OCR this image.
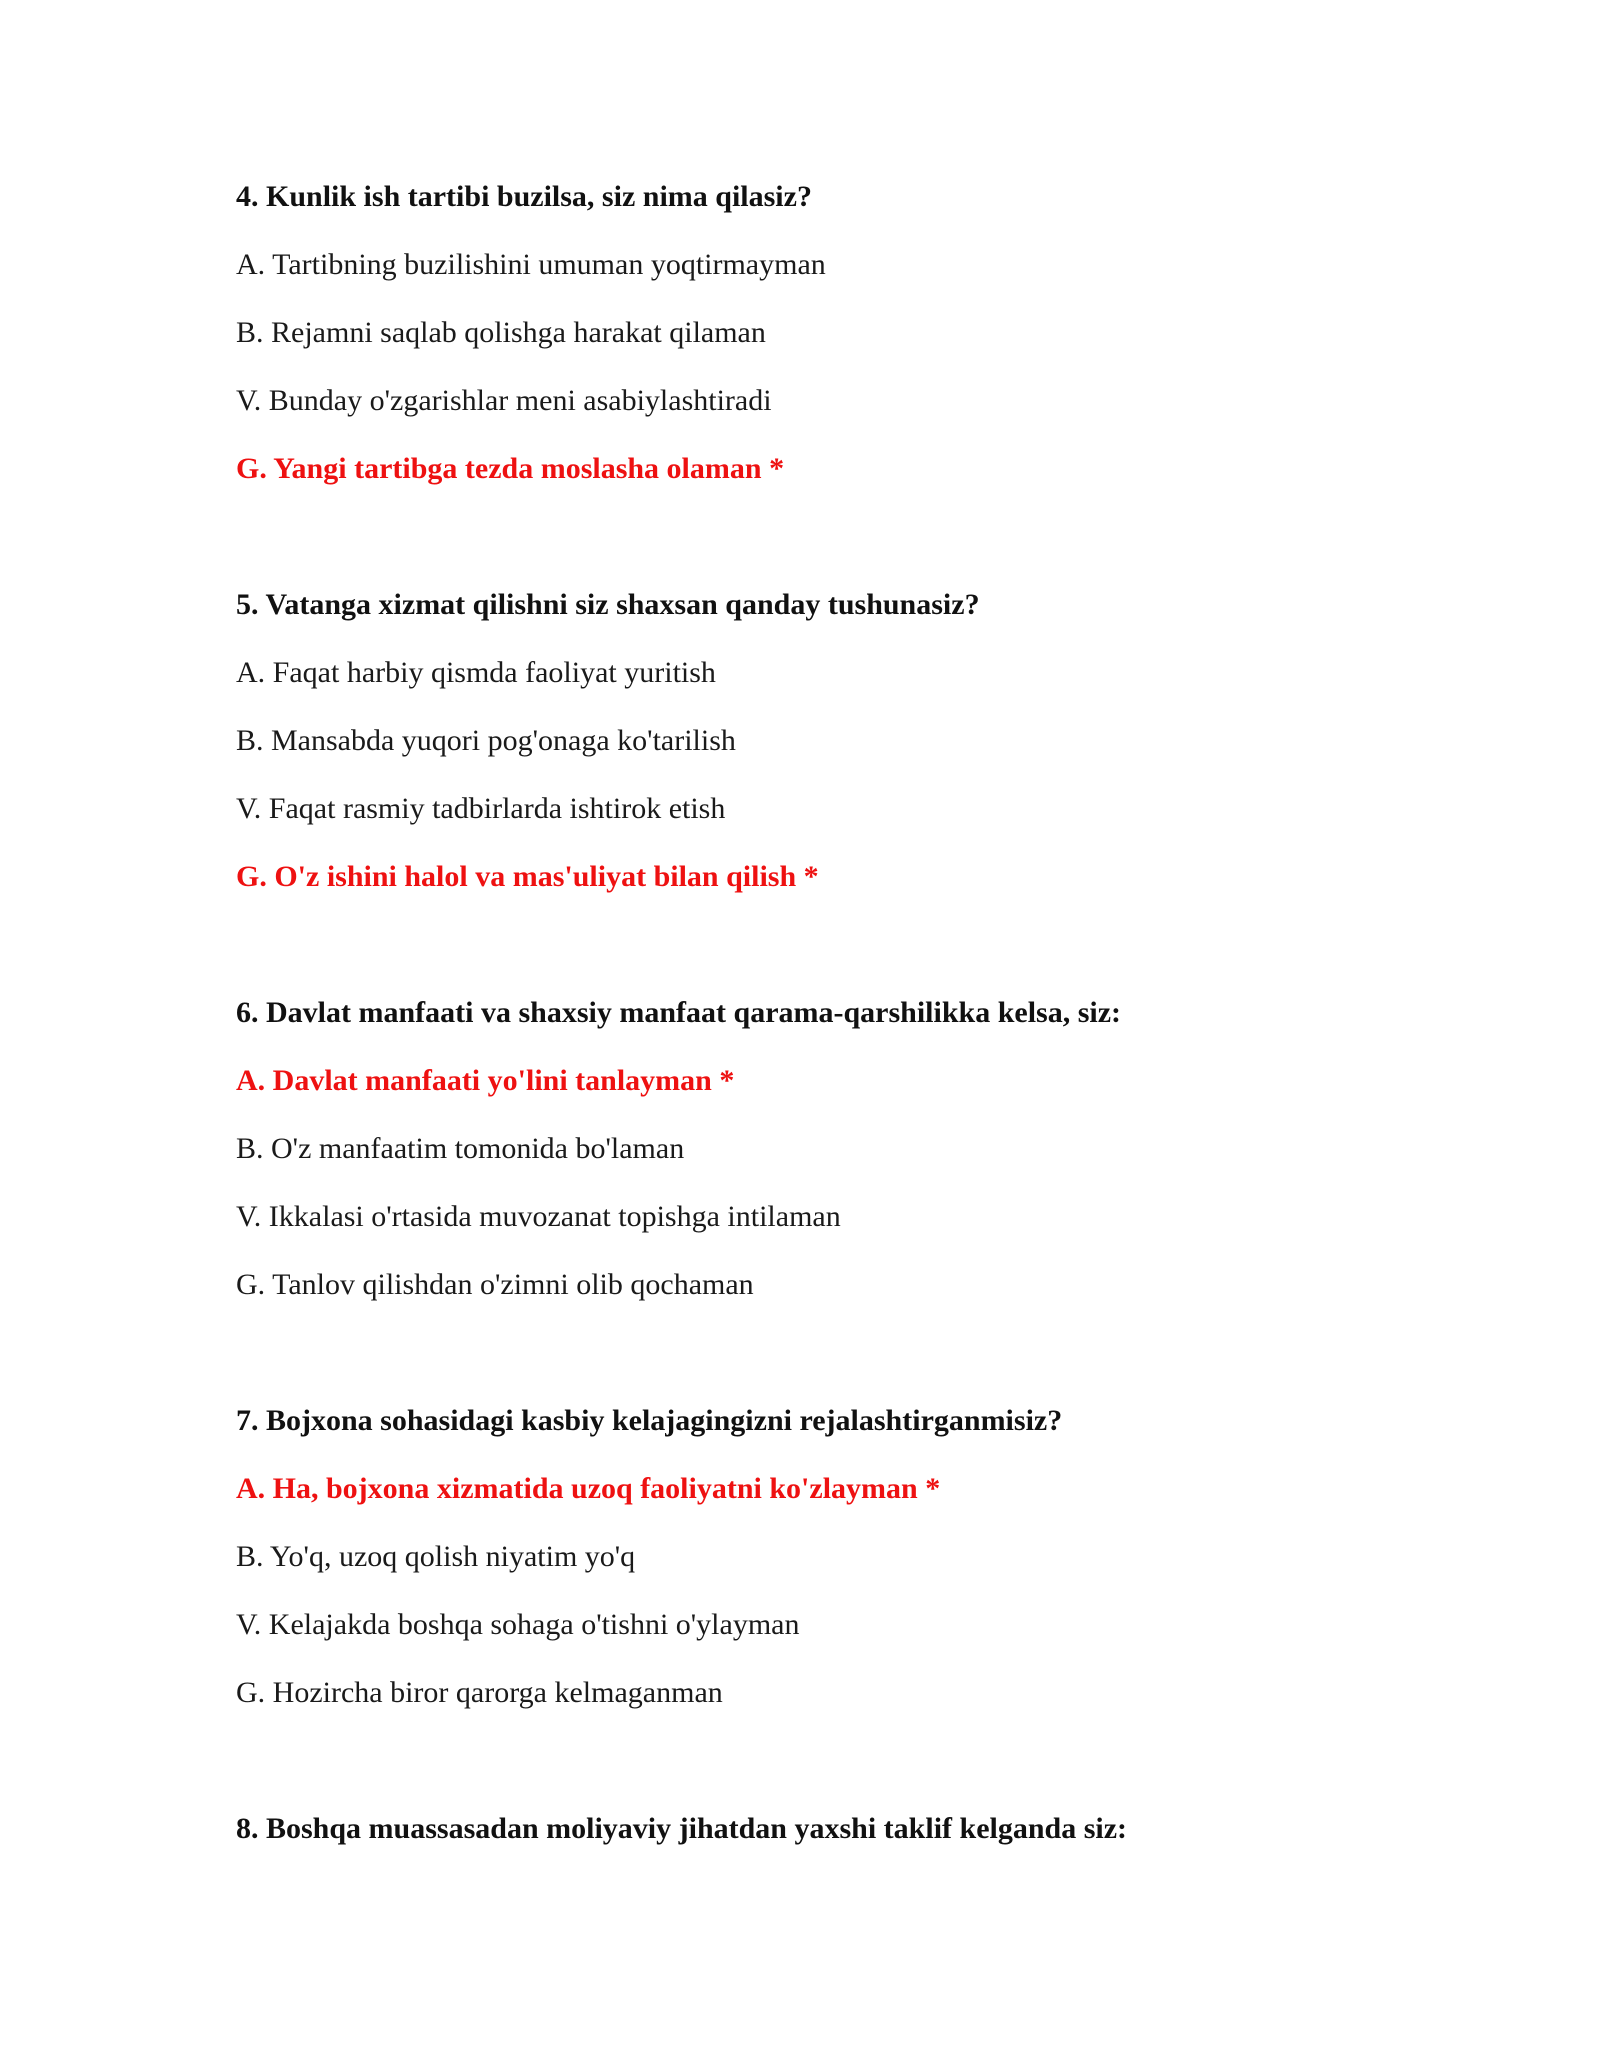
4. Kunlik ish tartibi buzilsa, siz nima qilasiz?
A. Tartibning buzilishini umuman yoqtirmayman
B. Rejamni saqlab qolishga harakat qilaman
V. Bunday o'zgarishlar meni asabiylashtiradi
G. Yangi tartibga tezda moslasha olaman *
5. Vatanga xizmat qilishni siz shaxsan qanday tushunasiz?
A. Faqat harbiy qismda faoliyat yuritish
B. Mansabda yuqori pog'onaga ko'tarilish
V. Faqat rasmiy tadbirlarda ishtirok etish
G. O'z ishini halol va mas'uliyat bilan qilish *
6. Davlat manfaati va shaxsiy manfaat qarama-qarshilikka kelsa, siz:
A. Davlat manfaati yo'lini tanlayman *
B. O'z manfaatim tomonida bo'laman
V. Ikkalasi o'rtasida muvozanat topishga intilaman
G. Tanlov qilishdan o'zimni olib qochaman
7. Bojxona sohasidagi kasbiy kelajagingizni rejalashtirganmisiz?
A. Ha, bojxona xizmatida uzoq faoliyatni ko'zlayman *
B. Yo'q, uzoq qolish niyatim yo'q
V. Kelajakda boshqa sohaga o'tishni o'ylayman
G. Hozircha biror qarorga kelmaganman
8. Boshqa muassasadan moliyaviy jihatdan yaxshi taklif kelganda siz:
